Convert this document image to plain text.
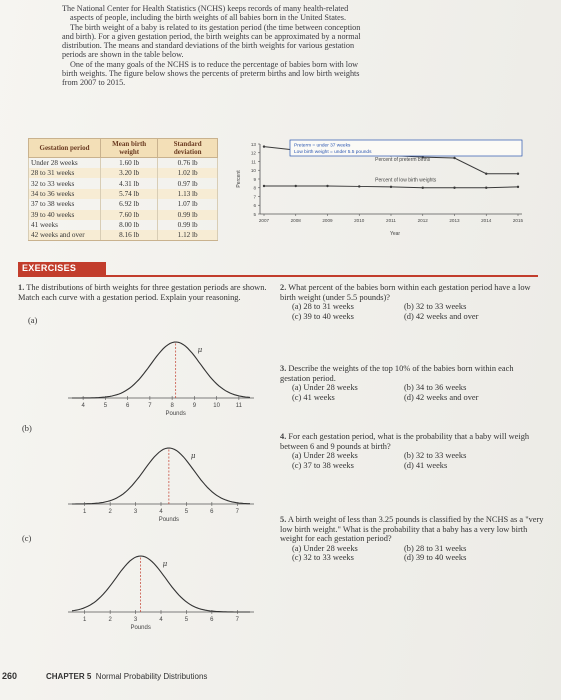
The National Center for Health Statistics (NCHS) keeps records of many health-related

aspects of people, including the birth weights of all babies born in the United States.

The birth weight of a baby is related to its gestation period (the time between conception

and birth). For a given gestation period, the birth weights can be approximated by a normal

distribution. The means and standard deviations of the birth weights for various gestation

periods are shown in the table below.

One of the many goals of the NCHS is to reduce the percentage of babies born with low

birth weights. The figure below shows the percents of preterm births and low birth weights

from 2007 to 2015.

Gestation period	Mean birth weight	Standard deviation
Under 28 weeks	1.60 lb	0.76 lb
28 to 31 weeks	3.20 lb	1.02 lb
32 to 33 weeks	4.31 lb	0.97 lb
34 to 36 weeks	5.74 lb	1.13 lb
37 to 38 weeks	6.92 lb	1.07 lb
39 to 40 weeks	7.60 lb	0.99 lb
41 weeks	8.00 lb	0.99 lb
42 weeks and over	8.16 lb	1.12 lb
5
6
7
8
9
10
11
12
13
2007	2008	2009	2010	2011	2012	2013	2014	2015
Year
Percent
Percent of preterm births
Percent of low birth weights
Preterm = under 37 weeks
Low birth weight = under 5.5 pounds
EXERCISES
1. The distributions of birth weights for three gestation periods are shown. Match each curve with a gestation period. Explain your reasoning.
(a)
(b)
(c)
μ
4	5	6	7	8	9	10	11
Pounds
μ
1	2	3	4	5	6	7
Pounds
μ
1	2	3	4	5	6	7
Pounds
2. What percent of the babies born within each gestation period have a low birth weight (under 5.5 pounds)?
(a) 28 to 31 weeks	(b) 32 to 33 weeks
(c) 39 to 40 weeks	(d) 42 weeks and over
3. Describe the weights of the top 10% of the babies born within each gestation period.
(a) Under 28 weeks	(b) 34 to 36 weeks
(c) 41 weeks	(d) 42 weeks and over
4. For each gestation period, what is the probability that a baby will weigh between 6 and 9 pounds at birth?
(a) Under 28 weeks	(b) 32 to 33 weeks
(c) 37 to 38 weeks	(d) 41 weeks
5. A birth weight of less than 3.25 pounds is classified by the NCHS as a "very low birth weight." What is the probability that a baby has a very low birth weight for each gestation period?
(a) Under 28 weeks	(b) 28 to 31 weeks
(c) 32 to 33 weeks	(d) 39 to 40 weeks
260	CHAPTER 5 Normal Probability Distributions
